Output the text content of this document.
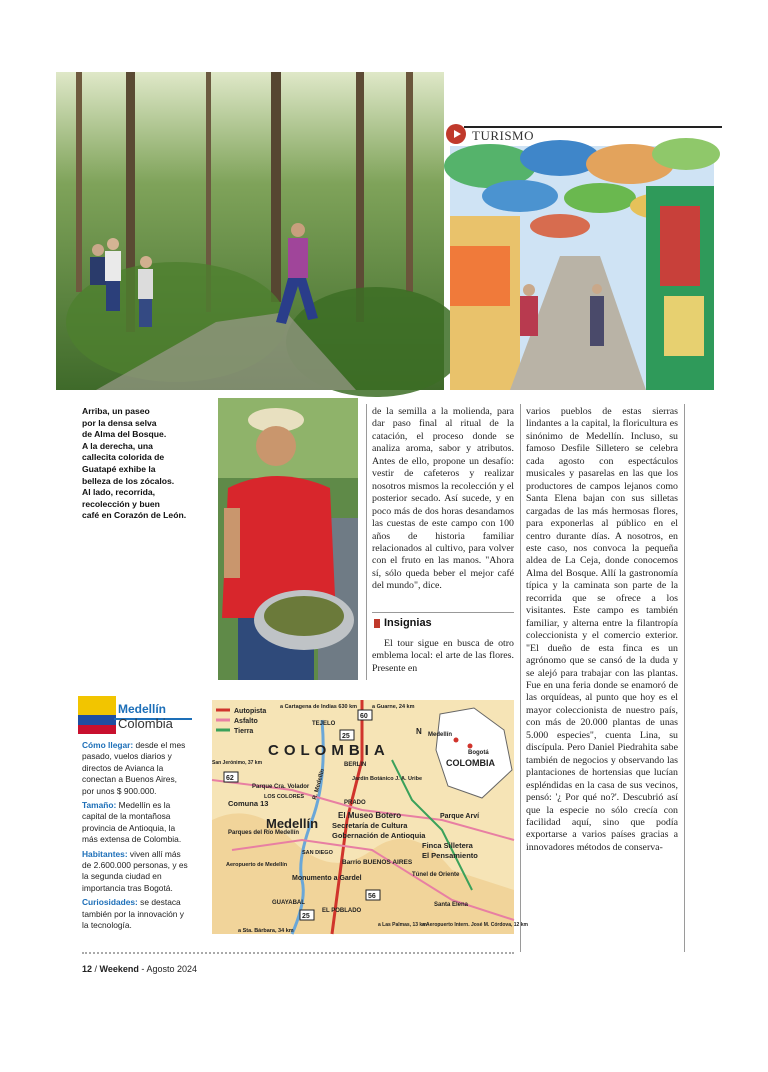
TURISMO

Arriba, un paseo

por la densa selva

de Alma del Bosque.

A la derecha, una

callecita colorida de

Guatapé exhibe la

belleza de los zócalos.

Al lado, recorrida,

recolección y buen

café en Corazón de León.

de la semilla a la molienda, para dar paso final al ritual de la catación, el proceso donde se analiza aroma, sabor y atributos. Antes de ello, propone un desafío: vestir de cafeteros y realizar nosotros mismos la recolección y el posterior secado. Así sucede, y en poco más de dos horas desandamos las cuestas de este campo con 100 años de historia familiar relacionados al cultivo, para volver con el fruto en las manos. "Ahora sí, sólo queda beber el mejor café del mundo", dice.

Insignias

El tour sigue en busca de otro emblema local: el arte de las flores. Presente en

varios pueblos de estas sierras lindantes a la capital, la floricultura es sinónimo de Medellín. Incluso, su famoso Desfile Silletero se celebra cada agosto con espectáculos musicales y pasarelas en las que los productores de campos lejanos como Santa Elena bajan con sus silletas cargadas de las más hermosas flores, para exponerlas al público en el centro durante días. A nosotros, en este caso, nos convoca la pequeña aldea de La Ceja, donde conocemos Alma del Bosque. Allí la gastronomía típica y la caminata son parte de la recorrida que se ofrece a los visitantes. Este campo es también familiar, y alterna entre la filantropía coleccionista y el comercio exterior. "El dueño de esta finca es un agrónomo que se cansó de la duda y se alejó para trabajar con las plantas. Fue en una feria donde se enamoró de las orquídeas, al punto que hoy es el mayor coleccionista de nuestro país, con más de 20.000 plantas de unas 5.000 especies", cuenta Lina, su discípula. Pero Daniel Piedrahita sabe también de negocios y observando las plantaciones de hortensias que lucían espléndidas en la casa de sus vecinos, pensó: '¿ Por qué no?'. Descubrió así que la especie no sólo crecía con facilidad aquí, sino que podía exportarse a varios países gracias a innovadores métodos de conserva-

Medellín
Colombia

Cómo llegar: desde el mes pasado, vuelos diarios y directos de Avianca la conectan a Buenos Aires, por unos $ 900.000.

Tamaño: Medellín es la capital de la montañosa provincia de Antioquia, la más extensa de Colombia.

Habitantes: viven allí más de 2.600.000 personas, y es la segunda ciudad en importancia tras Bogotá.

Curiosidades: se destaca también por la innovación y la tecnología.

Autopista
Asfalto
Tierra	Medellín
Bogotá
COLOMBIA
N
a Cartagena de Indias 630 km	a Guarne, 24 km
60
25
62
56
25
COLOMBIA
TEJELO
BERLIN
Jardín Botánico J. A. Uribe
PRADO
Parque Cra. Volador
LOS COLORES
Comuna 13
San Jerónimo, 37 km
Medellín
El Museo Botero
Secretaría de Cultura
Gobernación de Antioquia
Parque Arví
Parques del Río Medellín
SAN DIEGO
Barrio BUENOS AIRES
Finca Silletera
El Pensamiento
Aeropuerto de Medellín
Monumento a Gardel	Túnel de Oriente
GUAYABAL
EL POBLADO
Santa Elena
a Sta. Bárbara, 34 km
a Las Palmas, 13 km
a Aeropuerto Intern. José M. Córdova, 12 km
R. Medellín
12 / Weekend - Agosto 2024
